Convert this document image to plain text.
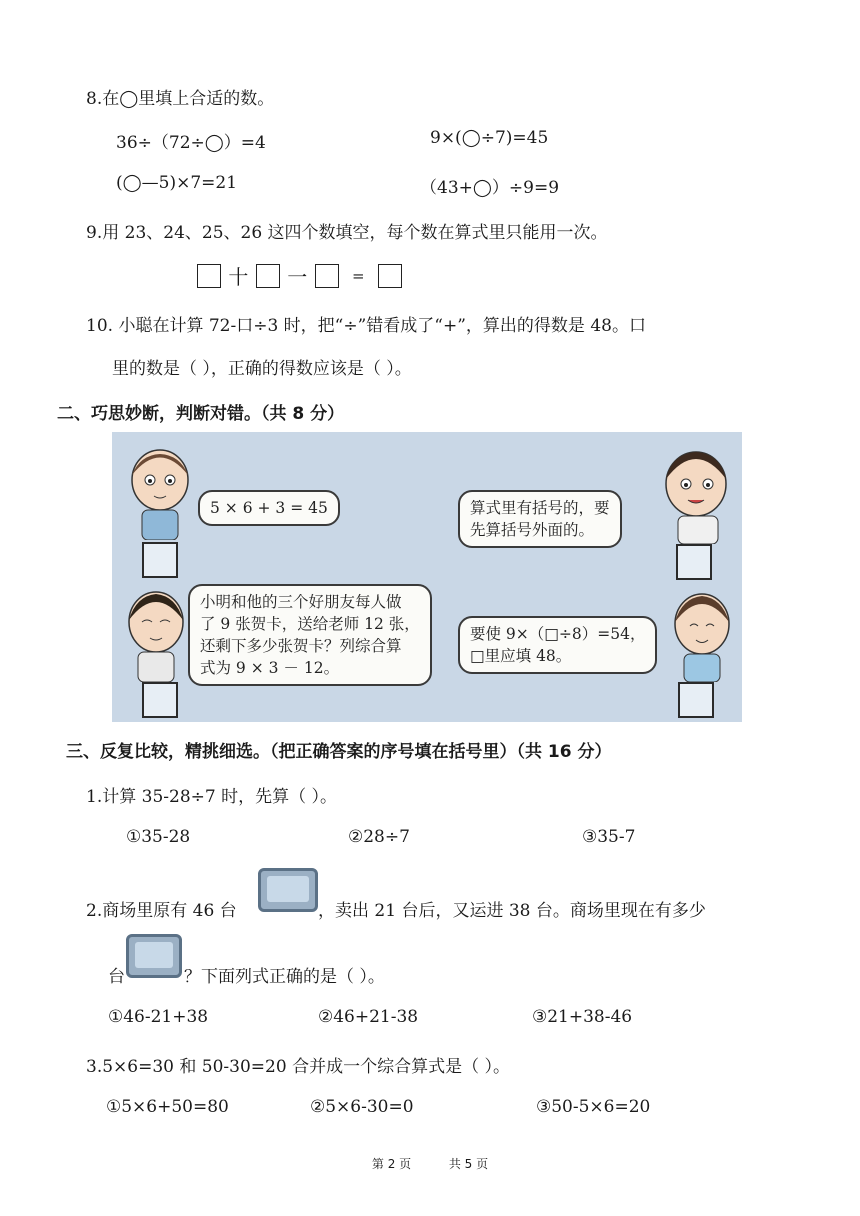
8.在◯里填上合适的数。
36÷（72÷◯）=4	9×(◯÷7)=45
(◯—5)×7=21	（43+◯）÷9=9
9.用 23、24、25、26 这四个数填空，每个数在算式里只能用一次。
十 一	=
10. 小聪在计算 72-口÷3 时，把“÷”错看成了“+”，算出的得数是 48。口
里的数是（ ），正确的得数应该是（ ）。
二、巧思妙断，判断对错。（共 8 分）
5 × 6 + 3 = 45	算式里有括号的，要
先算括号外面的。
小明和他的三个好朋友每人做
了 9 张贺卡，送给老师 12 张，
还剩下多少张贺卡？列综合算
式为 9 × 3 － 12。
要使 9×（□÷8）=54，
□里应填 48。
三、反复比较，精挑细选。（把正确答案的序号填在括号里）（共 16 分）
1.计算 35-28÷7 时，先算（ ）。
①35-28	②28÷7	③35-7
2.商场里原有 46 台	，卖出 21 台后，又运进 38 台。商场里现在有多少
台	？下面列式正确的是（ ）。
①46-21+38	②46+21-38	③21+38-46
3.5×6=30 和 50-30=20 合并成一个综合算式是（ ）。
①5×6+50=80	②5×6-30=0	③50-5×6=20
第 2 页	共 5 页
